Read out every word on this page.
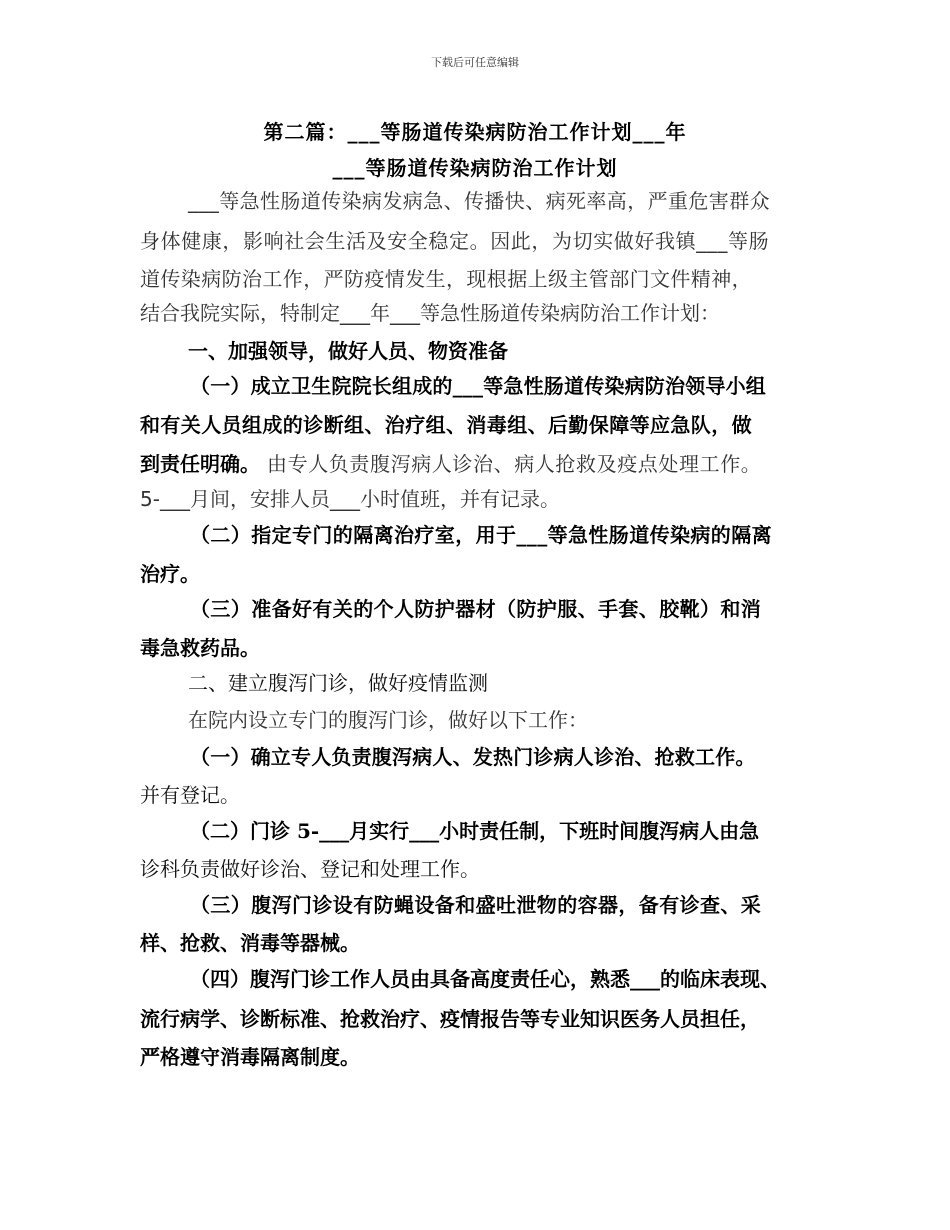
下载后可任意编辑
第二篇：___等肠道传染病防治工作计划___年
___等肠道传染病防治工作计划
___等急性肠道传染病发病急、传播快、病死率高，严重危害群众
身体健康，影响社会生活及安全稳定。因此，为切实做好我镇___等肠
道传染病防治工作，严防疫情发生，现根据上级主管部门文件精神，
结合我院实际，特制定___年___等急性肠道传染病防治工作计划：
一、加强领导，做好人员、物资准备
（一）成立卫生院院长组成的___等急性肠道传染病防治领导小组
和有关人员组成的诊断组、治疗组、消毒组、后勤保障等应急队，做
到责任明确。 由专人负责腹泻病人诊治、病人抢救及疫点处理工作。
5-___月间，安排人员___小时值班，并有记录。
（二）指定专门的隔离治疗室，用于___等急性肠道传染病的隔离
治疗。
（三）准备好有关的个人防护器材（防护服、手套、胶靴）和消
毒急救药品。
二、建立腹泻门诊，做好疫情监测
在院内设立专门的腹泻门诊，做好以下工作：
（一）确立专人负责腹泻病人、发热门诊病人诊治、抢救工作。
并有登记。
（二）门诊 5-___月实行___小时责任制，下班时间腹泻病人由急
诊科负责做好诊治、登记和处理工作。
（三）腹泻门诊设有防蝇设备和盛吐泄物的容器，备有诊查、采
样、抢救、消毒等器械。
（四）腹泻门诊工作人员由具备高度责任心，熟悉___的临床表现、
流行病学、诊断标准、抢救治疗、疫情报告等专业知识医务人员担任，
严格遵守消毒隔离制度。
